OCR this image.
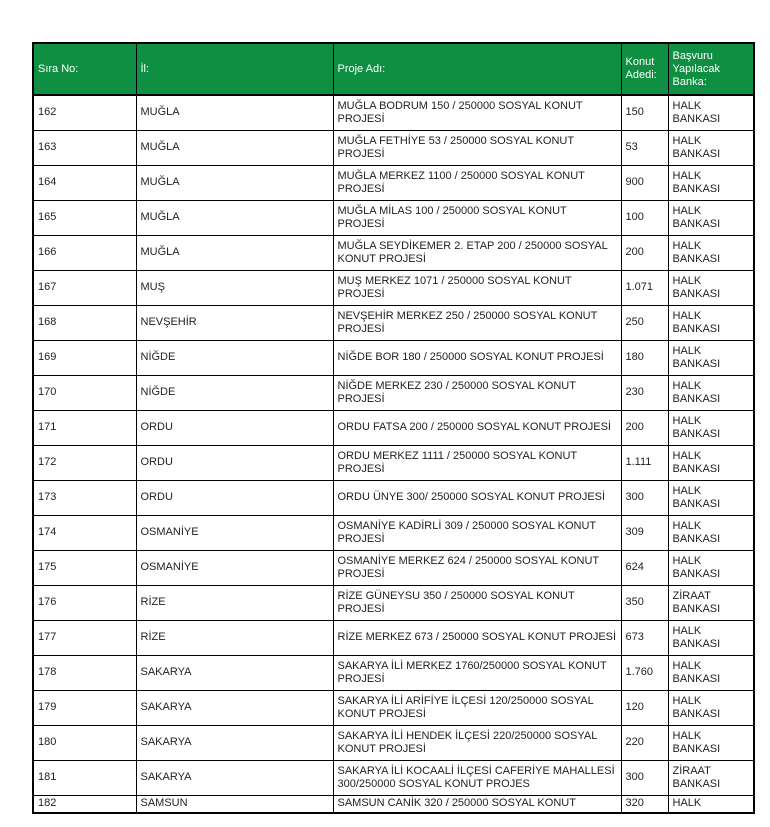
Sıra No:	İl:	Proje Adı:	Konut Adedi:	Başvuru Yapılacak Banka:
162	MUĞLA	MUĞLA BODRUM 150 / 250000 SOSYAL KONUT PROJESİ	150	HALK BANKASI
163	MUĞLA	MUĞLA FETHİYE 53 / 250000 SOSYAL KONUT PROJESİ	53	HALK BANKASI
164	MUĞLA	MUĞLA MERKEZ 1100 / 250000 SOSYAL KONUT PROJESİ	900	HALK BANKASI
165	MUĞLA	MUĞLA MİLAS 100 / 250000 SOSYAL KONUT PROJESİ	100	HALK BANKASI
166	MUĞLA	MUĞLA SEYDİKEMER 2. ETAP 200 / 250000 SOSYAL KONUT PROJESİ	200	HALK BANKASI
167	MUŞ	MUŞ MERKEZ 1071 / 250000 SOSYAL KONUT PROJESİ	1.071	HALK BANKASI
168	NEVŞEHİR	NEVŞEHİR MERKEZ 250 / 250000 SOSYAL KONUT PROJESİ	250	HALK BANKASI
169	NİĞDE	NİĞDE BOR 180 / 250000 SOSYAL KONUT PROJESİ	180	HALK BANKASI
170	NİĞDE	NİĞDE MERKEZ 230 / 250000 SOSYAL KONUT PROJESİ	230	HALK BANKASI
171	ORDU	ORDU FATSA 200 / 250000 SOSYAL KONUT PROJESİ	200	HALK BANKASI
172	ORDU	ORDU MERKEZ 1111 / 250000 SOSYAL KONUT PROJESİ	1.111	HALK BANKASI
173	ORDU	ORDU ÜNYE 300/ 250000 SOSYAL KONUT PROJESİ	300	HALK BANKASI
174	OSMANİYE	OSMANİYE KADİRLİ 309 / 250000 SOSYAL KONUT PROJESİ	309	HALK BANKASI
175	OSMANİYE	OSMANİYE MERKEZ 624 / 250000 SOSYAL KONUT PROJESİ	624	HALK BANKASI
176	RİZE	RİZE GÜNEYSU 350 / 250000 SOSYAL KONUT PROJESİ	350	ZİRAAT BANKASI
177	RİZE	RİZE MERKEZ 673 / 250000 SOSYAL KONUT PROJESİ	673	HALK BANKASI
178	SAKARYA	SAKARYA İLİ MERKEZ 1760/250000 SOSYAL KONUT PROJESİ	1.760	HALK BANKASI
179	SAKARYA	SAKARYA İLİ ARİFİYE İLÇESİ 120/250000 SOSYAL KONUT PROJESİ	120	HALK BANKASI
180	SAKARYA	SAKARYA İLİ HENDEK İLÇESİ 220/250000 SOSYAL KONUT PROJESİ	220	HALK BANKASI
181	SAKARYA	SAKARYA İLİ KOCAALİ İLÇESİ CAFERİYE MAHALLESİ 300/250000 SOSYAL KONUT PROJES	300	ZİRAAT BANKASI
182	SAMSUN	SAMSUN CANİK 320 / 250000 SOSYAL KONUT	320	HALK
